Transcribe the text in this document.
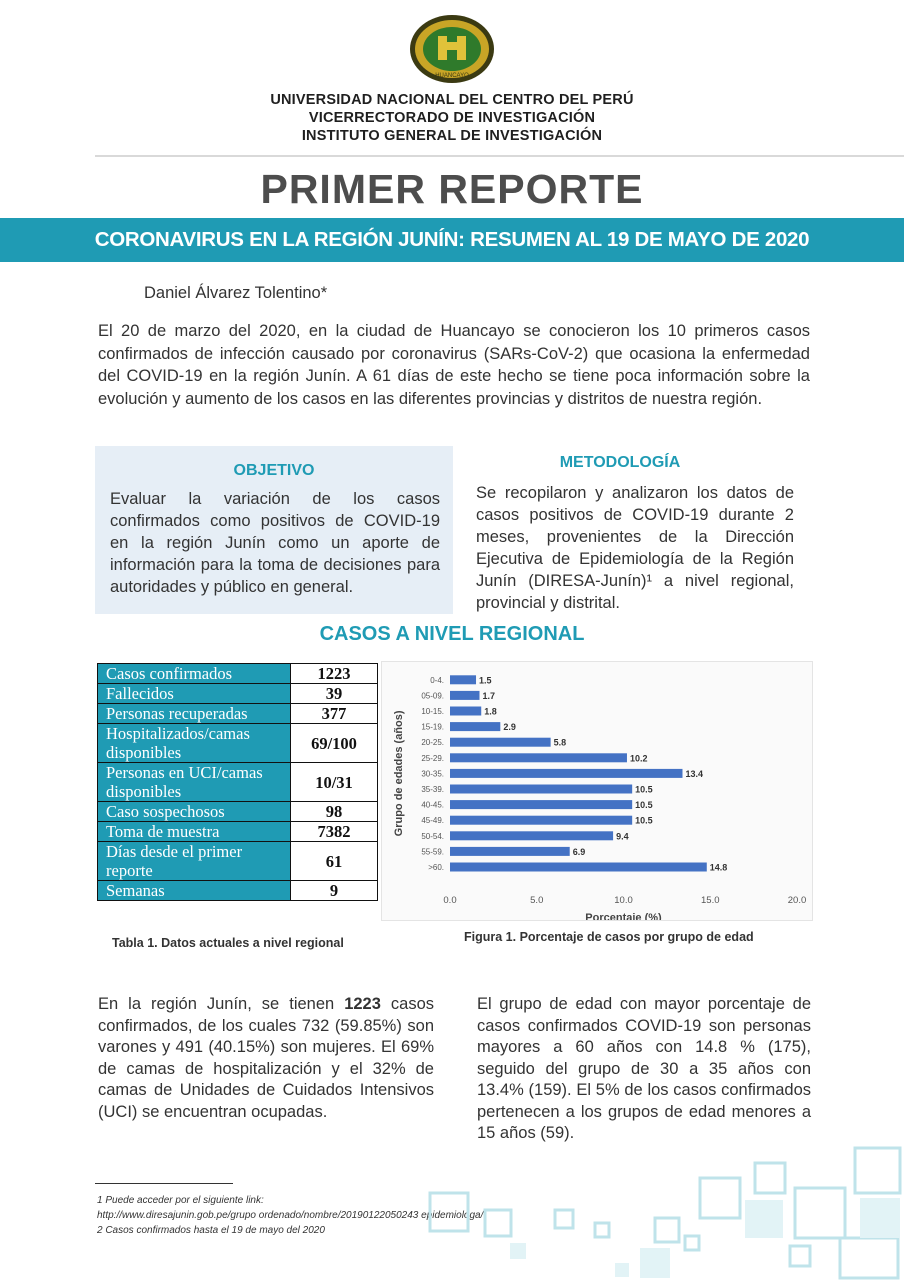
HUANCAYO
UNIVERSIDAD NACIONAL DEL CENTRO DEL PERÚ
VICERRECTORADO DE INVESTIGACIÓN
INSTITUTO GENERAL DE INVESTIGACIÓN
PRIMER REPORTE
CORONAVIRUS EN LA REGIÓN JUNÍN: RESUMEN AL 19 DE MAYO DE 2020
Daniel Álvarez Tolentino*
El 20 de marzo del 2020, en la ciudad de Huancayo se conocieron los 10 primeros casos confirmados de infección causado por coronavirus (SARs-CoV-2) que ocasiona la enfermedad del COVID-19 en la región Junín. A 61 días de este hecho se tiene poca información sobre la evolución y aumento de los casos en las diferentes provincias y distritos de nuestra región.
OBJETIVO
Evaluar la variación de los casos confirmados como positivos de COVID-19 en la región Junín como un aporte de información para la toma de decisiones para autoridades y público en general.
METODOLOGÍA
Se recopilaron y analizaron los datos de casos positivos de COVID-19 durante 2 meses, provenientes de la Dirección Ejecutiva de Epidemiología de la Región Junín (DIRESA-Junín)¹ a nivel regional, provincial y distrital.
CASOS A NIVEL REGIONAL
Casos confirmados	1223
Fallecidos	39
Personas recuperadas	377
Hospitalizados/camas disponibles	69/100
Personas en UCI/camas disponibles	10/31
Caso sospechosos	98
Toma de muestra	7382
Días desde el primer reporte	61
Semanas	9
Tabla 1. Datos actuales a nivel regional
0-4.	1.5
05-09.	1.7
10-15.	1.8
15-19.	2.9
20-25.	5.8
25-29.	10.2
30-35.	13.4
35-39.	10.5
40-45.	10.5
45-49.	10.5
50-54.	9.4
55-59.	6.9
>60.	14.8
0.0	5.0	10.0	15.0	20.0
Porcentaje (%)
Grupo de edades (años)
Figura 1. Porcentaje de casos por grupo de edad
En la región Junín, se tienen 1223 casos confirmados, de los cuales 732 (59.85%) son varones y 491 (40.15%) son mujeres. El 69% de camas de hospitalización y el 32% de camas de Unidades de Cuidados Intensivos (UCI) se encuentran ocupadas.
El grupo de edad con mayor porcentaje de casos confirmados COVID-19 son personas mayores a 60 años con 14.8 % (175), seguido del grupo de 30 a 35 años con 13.4% (159). El 5% de los casos confirmados pertenecen a los grupos de edad menores a 15 años (59).
1 Puede acceder por el siguiente link:
http://www.diresajunin.gob.pe/grupo ordenado/nombre/20190122050243 epidemiologa/.
2 Casos confirmados hasta el 19 de mayo del 2020
